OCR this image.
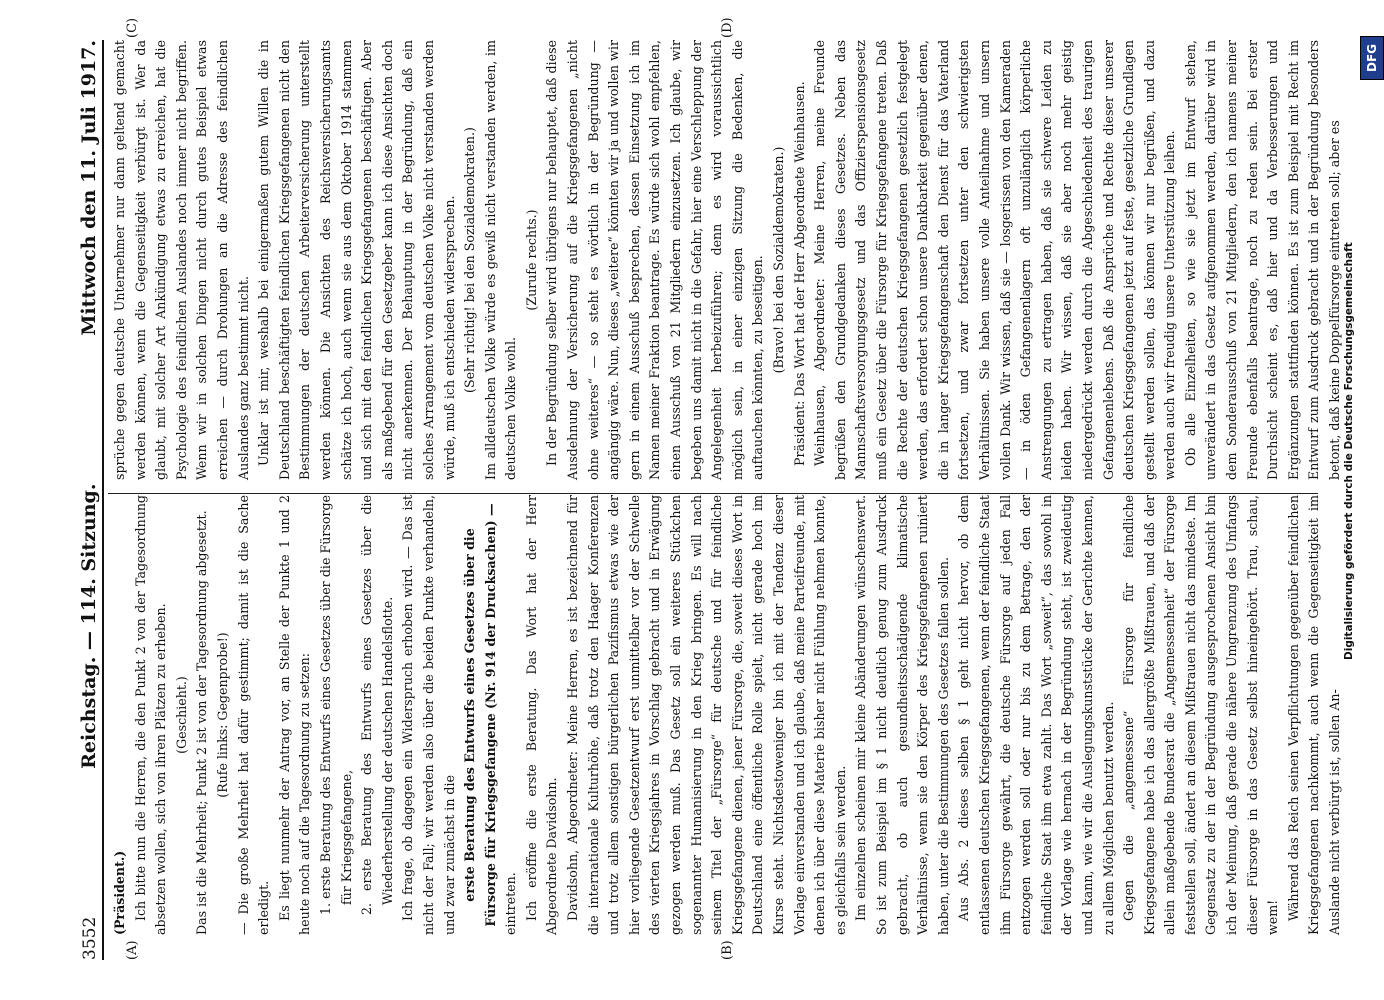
3552
Reichstag. — 114. Sitzung.
Mittwoch den 11. Juli 1917.
(A)	(B)
(C)	(D)

(Präsident.) Ich bitte nun die Herren, die den Punkt 2 von der Tagesordnung absetzen wollen, sich von ihren Plätzen zu erheben. (Geschieht.) Das ist die Mehrheit; Punkt 2 ist von der Tagesordnung abgesetzt. (Rufe links: Gegenprobe!) — Die große Mehrheit hat dafür gestimmt; damit ist die Sache erledigt. Es liegt nunmehr der Antrag vor, an Stelle der Punkte 1 und 2 heute noch auf die Tagesordnung zu setzen: 1. erste Beratung des Entwurfs eines Gesetzes über die Fürsorge für Kriegsgefangene, 2. erste Beratung des Entwurfs eines Gesetzes über die Wiederherstellung der deutschen Handelsflotte. Ich frage, ob dagegen ein Widerspruch erhoben wird. — Das ist nicht der Fall; wir werden also über die beiden Punkte verhandeln, und zwar zunächst in die erste Beratung des Entwurfs eines Gesetzes über die Fürsorge für Kriegsgefangene (Nr. 914 der Drucksachen) — eintreten. Ich eröffne die erste Beratung. Das Wort hat der Herr Abgeordnete Davidsohn. Davidsohn, Abgeordneter: Meine Herren, es ist bezeichnend für die internationale Kulturhöhe, daß trotz den Haager Konferenzen und trotz allem sonstigen bürgerlichen Pazifismus etwas wie der hier vorliegende Gesetzentwurf erst unmittelbar vor der Schwelle des vierten Kriegsjahres in Vorschlag gebracht und in Erwägung gezogen werden muß. Das Gesetz soll ein weiteres Stückchen sogenannter Humanisierung in den Krieg bringen. Es will nach seinem Titel der „Fürsorge“ für deutsche und für feindliche Kriegsgefangene dienen, jener Fürsorge, die, soweit dieses Wort in Deutschland eine öffentliche Rolle spielt, nicht gerade hoch im Kurse steht. Nichtsdestoweniger bin ich mit der Tendenz dieser Vorlage einverstanden und ich glaube, daß meine Parteifreunde, mit denen ich über diese Materie bisher nicht Fühlung nehmen konnte, es gleichfalls sein werden. Im einzelnen scheinen mir kleine Abänderungen wünschenswert. So ist zum Beispiel im § 1 nicht deutlich genug zum Ausdruck gebracht, ob auch gesundheitsschädigende klimatische Verhältnisse, wenn sie den Körper des Kriegsgefangenen ruiniert haben, unter die Bestimmungen des Gesetzes fallen sollen. Aus Abs. 2 dieses selben § 1 geht nicht hervor, ob dem entlassenen deutschen Kriegsgefangenen, wenn der feindliche Staat ihm Fürsorge gewährt, die deutsche Fürsorge auf jeden Fall entzogen werden soll oder nur bis zu dem Betrage, den der feindliche Staat ihm etwa zahlt. Das Wort „soweit“, das sowohl in der Vorlage wie hernach in der Begründung steht, ist zweideutig und kann, wie wir die Auslegungskunststücke der Gerichte kennen, zu allem Möglichen benutzt werden. Gegen die „angemessene“ Fürsorge für feindliche Kriegsgefangene habe ich das allergrößte Mißtrauen, und daß der allein maßgebende Bundesrat die „Angemessenheit“ der Fürsorge feststellen soll, ändert an diesem Mißtrauen nicht das mindeste. Im Gegensatz zu der in der Begründung ausgesprochenen Ansicht bin ich der Meinung, daß gerade die nähere Umgrenzung des Umfangs dieser Fürsorge in das Gesetz selbst hineingehört. Trau, schau, wem! Während das Reich seinen Verpflichtungen gegenüber feindlichen Kriegsgefangenen nachkommt, auch wenn die Gegenseitigkeit im Auslande nicht verbürgt ist, sollen An-

sprüche gegen deutsche Unternehmer nur dann geltend gemacht werden können, wenn die Gegenseitigkeit verbürgt ist. Wer da glaubt, mit solcher Art Ankündigung etwas zu erreichen, hat die Psychologie des feindlichen Auslandes noch immer nicht begriffen. Wenn wir in solchen Dingen nicht durch gutes Beispiel etwas erreichen — durch Drohungen an die Adresse des feindlichen Auslandes ganz bestimmt nicht. Unklar ist mir, weshalb bei einigermaßen gutem Willen die in Deutschland beschäftigten feindlichen Kriegsgefangenen nicht den Bestimmungen der deutschen Arbeiterversicherung unterstellt werden können. Die Ansichten des Reichsversicherungsamts schätze ich hoch, auch wenn sie aus dem Oktober 1914 stammen und sich mit den feindlichen Kriegsgefangenen beschäftigen. Aber als maßgebend für den Gesetzgeber kann ich diese Ansichten doch nicht anerkennen. Der Behauptung in der Begründung, daß ein solches Arrangement vom deutschen Volke nicht verstanden werden würde, muß ich entschieden widersprechen. (Sehr richtig! bei den Sozialdemokraten.) Im alldeutschen Volke würde es gewiß nicht verstanden werden, im deutschen Volke wohl.

(Zurufe rechts.) In der Begründung selber wird übrigens nur behauptet, daß diese Ausdehnung der Versicherung auf die Kriegsgefangenen „nicht ohne weiteres“ — so steht es wörtlich in der Begründung — angängig wäre. Nun, dieses „weitere“ könnten wir ja und wollen wir gern in einem Ausschuß besprechen, dessen Einsetzung ich im Namen meiner Fraktion beantrage. Es würde sich wohl empfehlen, einen Ausschuß von 21 Mitgliedern einzusetzen. Ich glaube, wir begeben uns damit nicht in die Gefahr, hier eine Verschleppung der Angelegenheit herbeizuführen; denn es wird voraussichtlich möglich sein, in einer einzigen Sitzung die Bedenken, die auftauchen könnten, zu beseitigen. (Bravo! bei den Sozialdemokraten.) Präsident: Das Wort hat der Herr Abgeordnete Weinhausen. Weinhausen, Abgeordneter: Meine Herren, meine Freunde begrüßen den Grundgedanken dieses Gesetzes. Neben das Mannschaftsversorgungsgesetz und das Offizierspensionsgesetz muß ein Gesetz über die Fürsorge für Kriegsgefangene treten. Daß die Rechte der deutschen Kriegsgefangenen gesetzlich festgelegt werden, das erfordert schon unsere Dankbarkeit gegenüber denen, die in langer Kriegsgefangenschaft den Dienst für das Vaterland fortsetzen, und zwar fortsetzen unter den schwierigsten Verhältnissen. Sie haben unsere volle Anteilnahme und unsern vollen Dank. Wir wissen, daß sie — losgerissen von den Kameraden — in öden Gefangenenlagern oft unzulänglich körperliche Anstrengungen zu ertragen haben, daß sie schwere Leiden zu leiden haben. Wir wissen, daß sie aber noch mehr geistig niedergedrückt werden durch die Abgeschiedenheit des traurigen Gefangenenlebens. Daß die Ansprüche und Rechte dieser unserer deutschen Kriegsgefangenen jetzt auf feste, gesetzliche Grundlagen gestellt werden sollen, das können wir nur begrüßen, und dazu werden auch wir freudig unsere Unterstützung leihen. Ob alle Einzelheiten, so wie sie jetzt im Entwurf stehen, unverändert in das Gesetz aufgenommen werden, darüber wird in dem Sonderausschuß von 21 Mitgliedern, den ich namens meiner Freunde ebenfalls beantrage, noch zu reden sein. Bei erster Durchsicht scheint es, daß hier und da Verbesserungen und Ergänzungen stattfinden können. Es ist zum Beispiel mit Recht im Entwurf zum Ausdruck gebracht und in der Begründung besonders betont, daß keine Doppelfürsorge eintreten soll; aber es Digitalisierung gefördert durch die Deutsche Forschungsgemeinschaft
DFG
